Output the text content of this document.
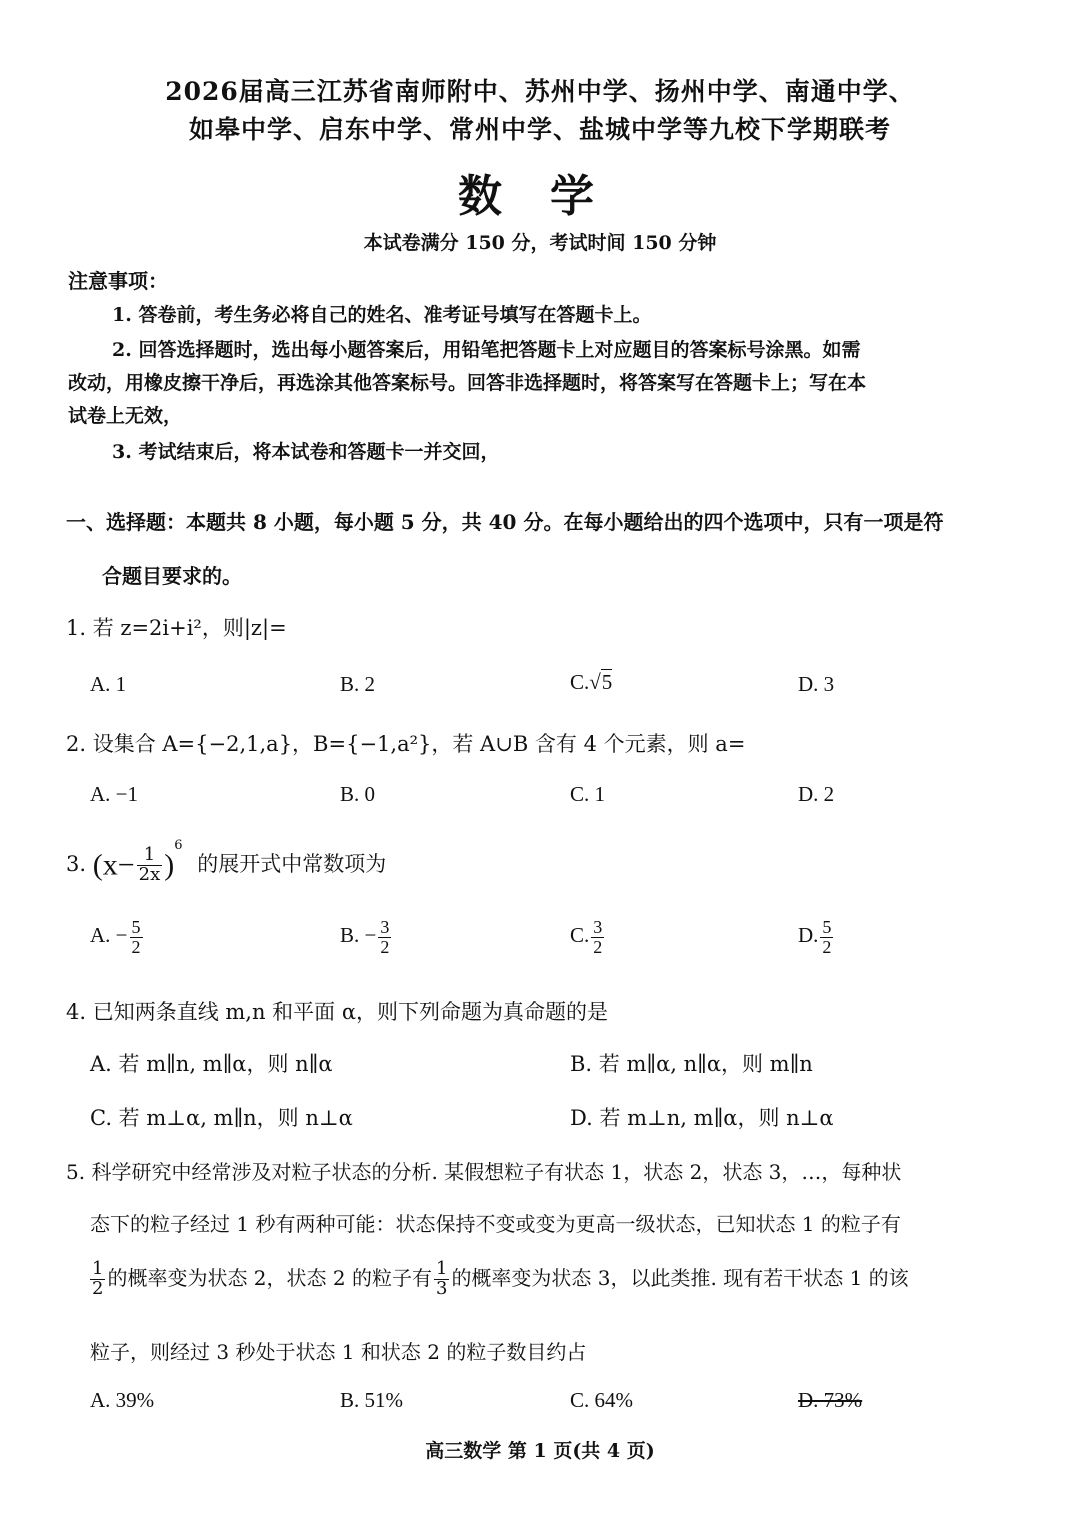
2026届高三江苏省南师附中、苏州中学、扬州中学、南通中学、
如皋中学、启东中学、常州中学、盐城中学等九校下学期联考
数学
本试卷满分 150 分，考试时间 150 分钟
注意事项：
1. 答卷前，考生务必将自己的姓名、准考证号填写在答题卡上。
2. 回答选择题时，选出每小题答案后，用铅笔把答题卡上对应题目的答案标号涂黑。如需
改动，用橡皮擦干净后，再选涂其他答案标号。回答非选择题时，将答案写在答题卡上；写在本
试卷上无效，
3. 考试结束后，将本试卷和答题卡一并交回，
一、选择题：本题共 8 小题，每小题 5 分，共 40 分。在每小题给出的四个选项中，只有一项是符
合题目要求的。
1. 若 z=2i+i²，则|z|=
A. 1	B. 2	C.√5	D. 3
2. 设集合 A={−2,1,a}，B={−1,a²}，若 A∪B 含有 4 个元素，则 a=
A. −1	B. 0	C. 1	D. 2
3. $(x- \frac{1}{2x} )^6$ 的展开式中常数项为
A. − $\frac{5}{2}$	B. − $\frac{3}{2}$	C. $\frac{3}{2}$	D. $\frac{5}{2}$
4. 已知两条直线 m,n 和平面 α，则下列命题为真命题的是
A. 若 m∥n, m∥α，则 n∥α	B. 若 m∥α, n∥α，则 m∥n
C. 若 m⊥α, m∥n，则 n⊥α	D. 若 m⊥n, m∥α，则 n⊥α
5. 科学研究中经常涉及对粒子状态的分析. 某假想粒子有状态 1，状态 2，状态 3，…，每种状
态下的粒子经过 1 秒有两种可能：状态保持不变或变为更高一级状态，已知状态 1 的粒子有
$\frac{1}{2}$ 的概率变为状态 2，状态 2 的粒子有 $\frac{1}{3}$ 的概率变为状态 3，以此类推. 现有若干状态 1 的该
粒子，则经过 3 秒处于状态 1 和状态 2 的粒子数目约占
A. 39%	B. 51%	C. 64%	D. 73%
高三数学 第 1 页(共 4 页)
